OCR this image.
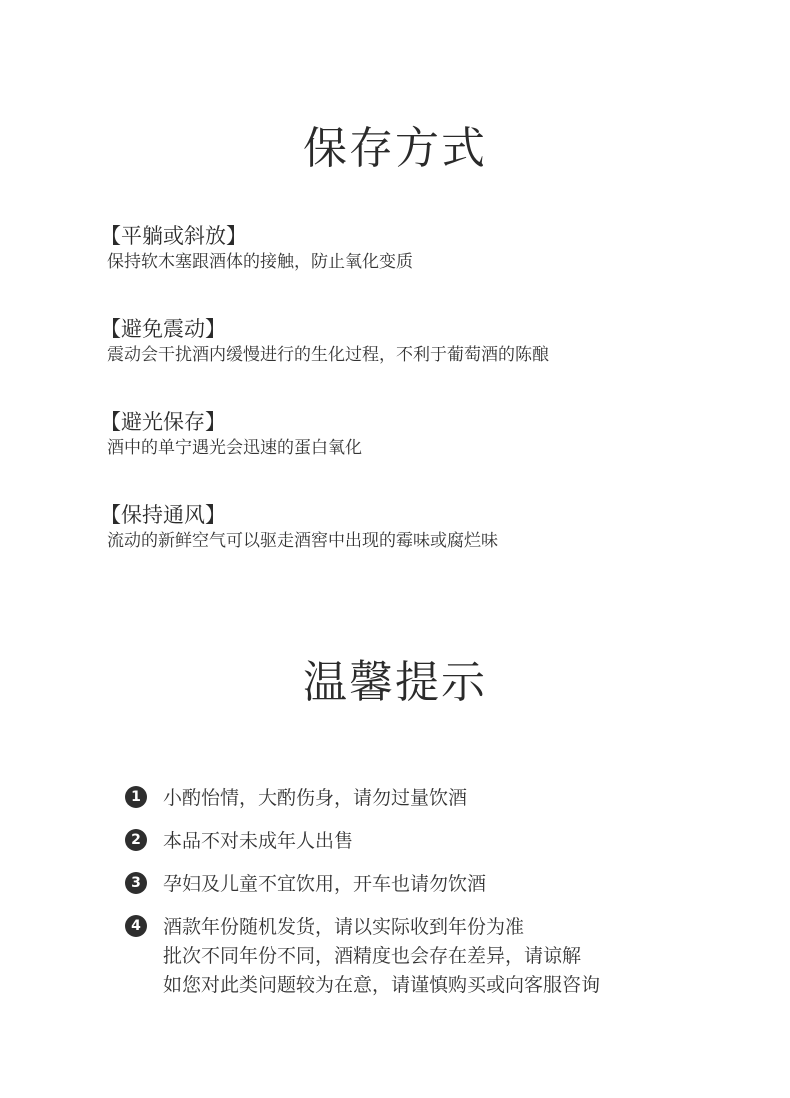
保存方式
【平躺或斜放】
保持软木塞跟酒体的接触，防止氧化变质
【避免震动】
震动会干扰酒内缓慢进行的生化过程，不利于葡萄酒的陈酿
【避光保存】
酒中的单宁遇光会迅速的蛋白氧化
【保持通风】
流动的新鲜空气可以驱走酒窖中出现的霉味或腐烂味
温馨提示
1	小酌怡情，大酌伤身，请勿过量饮酒
2	本品不对未成年人出售
3	孕妇及儿童不宜饮用，开车也请勿饮酒
4	酒款年份随机发货，请以实际收到年份为准
批次不同年份不同，酒精度也会存在差异，请谅解
如您对此类问题较为在意，请谨慎购买或向客服咨询
